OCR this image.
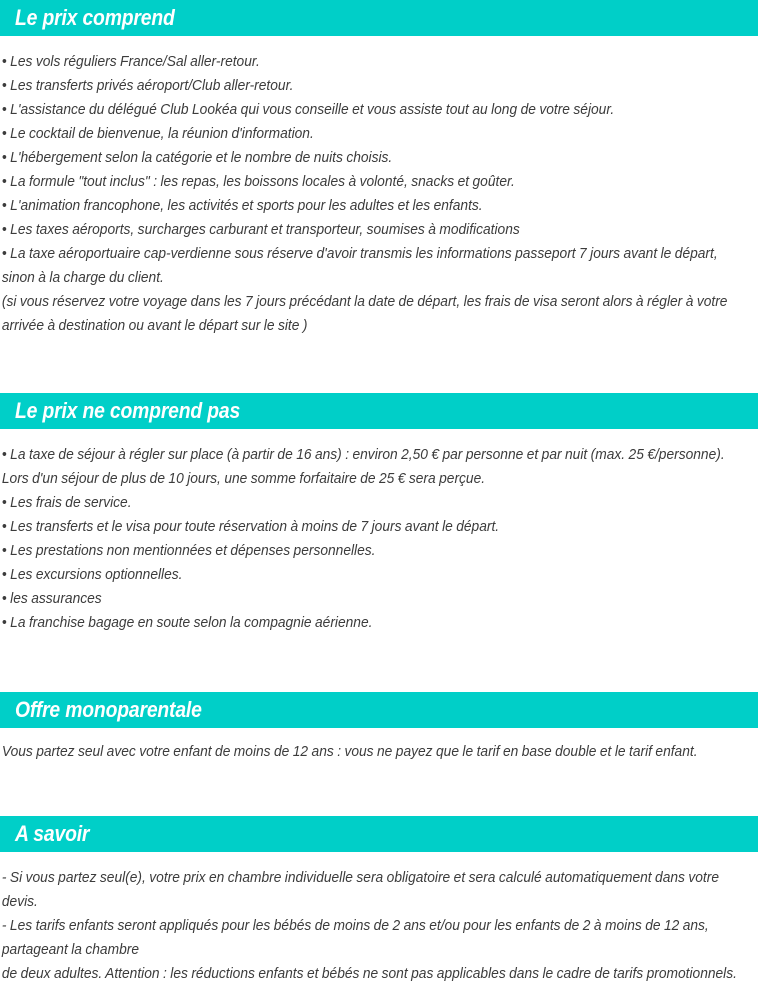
Le prix comprend

• Les vols réguliers France/Sal aller-retour.

• Les transferts privés aéroport/Club aller-retour.

• L'assistance du délégué Club Lookéa qui vous conseille et vous assiste tout au long de votre séjour.

• Le cocktail de bienvenue, la réunion d'information.

• L'hébergement selon la catégorie et le nombre de nuits choisis.

• La formule "tout inclus" : les repas, les boissons locales à volonté, snacks et goûter.

• L'animation francophone, les activités et sports pour les adultes et les enfants.

• Les taxes aéroports, surcharges carburant et transporteur, soumises à modifications

• La taxe aéroportuaire cap-verdienne sous réserve d'avoir transmis les informations passeport 7 jours avant le départ, sinon à la charge du client.

(si vous réservez votre voyage dans les 7 jours précédant la date de départ, les frais de visa seront alors à régler à votre arrivée à destination ou avant le départ sur le site )

Le prix ne comprend pas

• La taxe de séjour à régler sur place (à partir de 16 ans) : environ 2,50 € par personne et par nuit (max. 25 €/personne). Lors d'un séjour de plus de 10 jours, une somme forfaitaire de 25 € sera perçue.

• Les frais de service.

• Les transferts et le visa pour toute réservation à moins de 7 jours avant le départ.

• Les prestations non mentionnées et dépenses personnelles.

• Les excursions optionnelles.

• les assurances

• La franchise bagage en soute selon la compagnie aérienne.

Offre monoparentale

Vous partez seul avec votre enfant de moins de 12 ans : vous ne payez que le tarif en base double et le tarif enfant.

A savoir

- Si vous partez seul(e), votre prix en chambre individuelle sera obligatoire et sera calculé automatiquement dans votre devis.

- Les tarifs enfants seront appliqués pour les bébés de moins de 2 ans et/ou pour les enfants de 2 à moins de 12 ans, partageant la chambre

de deux adultes. Attention : les réductions enfants et bébés ne sont pas applicables dans le cadre de tarifs promotionnels.
